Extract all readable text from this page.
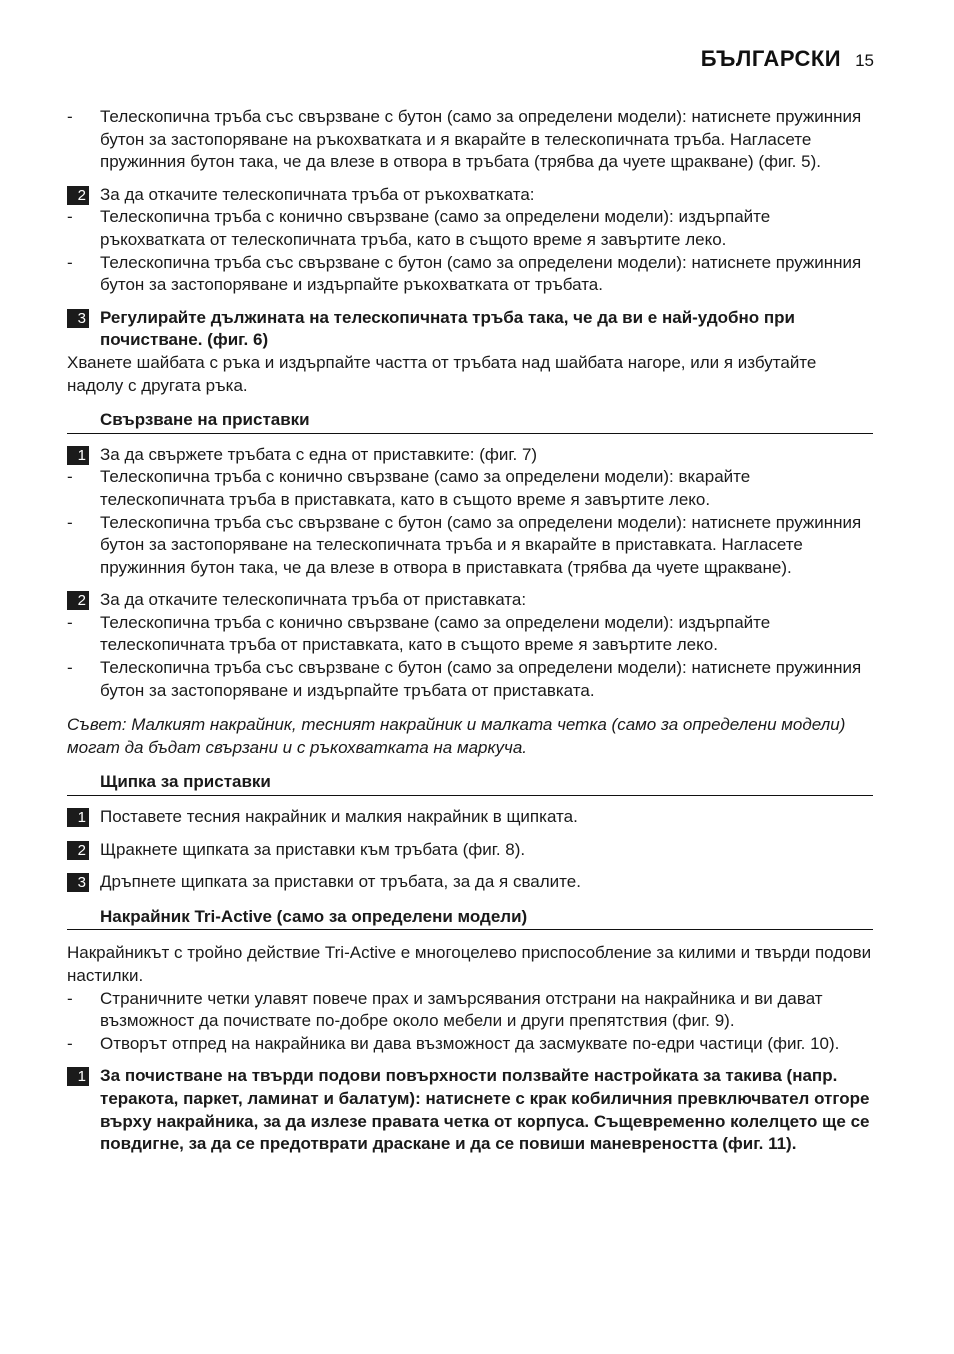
БЪЛГАРСКИ 15
-	Телескопична тръба със свързване с бутон (само за определени модели): натиснете пружинния бутон за застопоряване на ръкохватката и я вкарайте в телескопичната тръба. Нагласете пружинния бутон така, че да влезе в отвора в тръбата (трябва да чуете щракване) (фиг. 5).
2 За да откачите телескопичната тръба от ръкохватката:
-	Телескопична тръба с конично свързване (само за определени модели): издърпайте ръкохватката от телескопичната тръба, като в същото време я завъртите леко.
-	Телескопична тръба със свързване с бутон (само за определени модели): натиснете пружинния бутон за застопоряване и издърпайте ръкохватката от тръбата.
3 Регулирайте дължината на телескопичната тръба така, че да ви е най-удобно при почистване. (фиг. 6)
Хванете шайбата с ръка и издърпайте частта от тръбата над шайбата нагоре, или я избутайте надолу с другата ръка.
Свързване на приставки
1 За да свържете тръбата с една от приставките: (фиг. 7)
-	Телескопична тръба с конично свързване (само за определени модели): вкарайте телескопичната тръба в приставката, като в същото време я завъртите леко.
-	Телескопична тръба със свързване с бутон (само за определени модели): натиснете пружинния бутон за застопоряване на телескопичната тръба и я вкарайте в приставката. Нагласете пружинния бутон така, че да влезе в отвора в приставката (трябва да чуете щракване).
2 За да откачите телескопичната тръба от приставката:
-	Телескопична тръба с конично свързване (само за определени модели): издърпайте телескопичната тръба от приставката, като в същото време я завъртите леко.
-	Телескопична тръба със свързване с бутон (само за определени модели): натиснете пружинния бутон за застопоряване и издърпайте тръбата от приставката.
Съвет: Малкият накрайник, тесният накрайник и малката четка (само за определени модели) могат да бъдат свързани и с ръкохватката на маркуча.
Щипка за приставки
1 Поставете тесния накрайник и малкия накрайник в щипката.
2 Щракнете щипката за приставки към тръбата (фиг. 8).
3 Дръпнете щипката за приставки от тръбата, за да я свалите.
Накрайник Tri-Active (само за определени модели)
Накрайникът с тройно действие Tri-Active е многоцелево приспособление за килими и твърди подови настилки.
-	Страничните четки улавят повече прах и замърсявания отстрани на накрайника и ви дават възможност да почиствате по-добре около мебели и други препятствия (фиг. 9).
-	Отворът отпред на накрайника ви дава възможност да засмуквате по-едри частици (фиг. 10).
1 За почистване на твърди подови повърхности ползвайте настройката за такива (напр. теракота, паркет, ламинат и балатум): натиснете с крак кобиличния превключвател отгоре върху накрайника, за да излезе правата четка от корпуса. Същевременно колелцето ще се повдигне, за да се предотврати драскане и да се повиши маневреността (фиг. 11).
